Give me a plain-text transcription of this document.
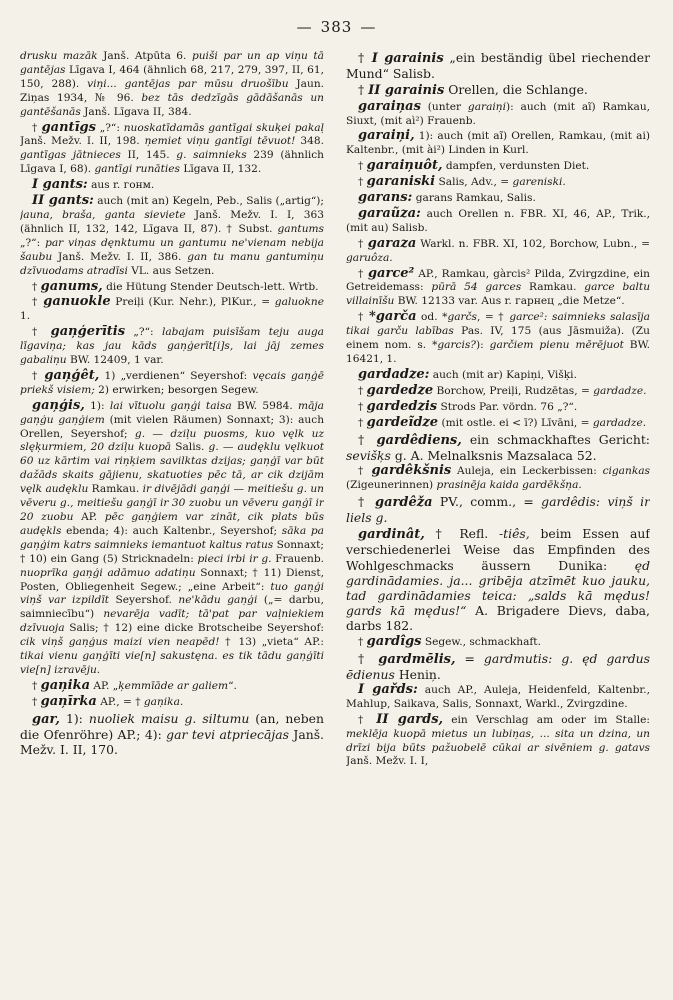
— 383 —

drusku mazāk Janš. Atpūta 6. puiši par un ap viņu tā gantējas Līgava I, 464 (ähnlich 68, 217, 279, 397, II, 61, 150, 288). viņi... gantējas par mūsu druošību Jaun. Ziņas 1934, № 96. bez tās dedzīgās gādāšanās un gantēšanās Janš. Līgava II, 384.

† gantīgs „?“: nuoskatīdamās gantīgai skuķei pakaļ Janš. Mežv. I. II, 198. ņemiet viņu gantīgi tēvuot! 348. gantīgas jātnieces II, 145. g. saimnieks 239 (ähnlich Līgava I, 68). gantīgi runāties Līgava II, 132.

I gants: aus r. гонм.

II gants: auch (mit an) Kegeln, Peb., Salis („artig“); jauna, braša, ganta sieviete Janš. Mežv. I. I, 363 (ähnlich II, 132, 142, Līgava II, 87). † Subst. gantums „?“: par viņas dęnktumu un gantumu ne'vienam nebija šaubu Janš. Mežv. I. II, 386. gan tu manu gantumiņu dzīvuodams atradīsi VL. aus Setzen.

† ganums, die Hütung Stender Deutsch-lett. Wrtb.

† ganuokle Preiļi (Kur. Nehr.), PlKur., = galuokne 1.

† gaņģerītis „?“: labajam puisīšam teju auga līgaviņa; kas jau kāds gaņģerīt[i]s, lai jāj zemes gabaliņu BW. 12409, 1 var.

† gaņģêt, 1) „verdienen“ Seyershof: vęcais gaņģē priekš visiem; 2) erwirken; besorgen Segew.

gaņģis, 1): lai vītuolu gaņģi taisa BW. 5984. māja gaņģu gaņģiem (mit vielen Räumen) Sonnaxt; 3): auch Orellen, Seyershof; g. — dziļu puosms, kuo vęlk uz slęķurmiem, 20 dziļu kuopā Salis. g. — audęklu vęlkuot 60 uz kārtim vai riņķiem savilktas dzijas; gaņģī var būt dažāds skaits gājienu, skatuoties pēc tā, ar cik dzijām vęlk audęklu Ramkau. ir divējādi gaņģi — meitiešu g. un vēveru g., meitiešu gaņģī ir 30 zuobu un vēveru gaņģī ir 20 zuobu AP. pēc gaņģiem var zināt, cik plats būs audękls ebenda; 4): auch Kaltenbr., Seyershof; sāka pa gaņģim katrs saimnieks iemantuot kaltus ratus Sonnaxt; † 10) ein Gang (5) Stricknadeln: pieci irbi ir g. Frauenb. nuoprīka gaņģi adāmuo adatiņu Sonnaxt; † 11) Dienst, Posten, Obliegenheit Segew.; „eine Arbeit“: tuo gaņģi viņš var izpildīt Seyershof. ne'kādu gaņģi („= darbu, saimniecību“) nevarēja vadīt; tā'pat par vaļniekiem dzīvuoja Salis; † 12) eine dicke Brotscheibe Seyershof: cik viņš gaņģus maizi vien neapēd! † 13) „vieta“ AP.: tikai vienu gaņģīti vie[n] sakustęna. es tik tādu gaņģīti vie[n] izravēju.

† gaņika AP. „ķemmīāde ar galiem“.

† gaņīrka AP., = † gaņika.

gar, 1): nuoliek maisu g. siltumu (an, neben die Ofenröhre) AP.; 4): gar tevi atpriecājas Janš. Mežv. I. II, 170.

† I garainis „ein beständig übel riechender Mund“ Salisb.

† II garainis Orellen, die Schlange.

garaiņas (unter garaiņi): auch (mit aĩ) Ramkau, Siuxt, (mit aì²) Frauenb.

garaiņi, 1): auch (mit aĩ) Orellen, Ramkau, (mit ai) Kaltenbr., (mit ài²) Linden in Kurl.

† garaiņuôt, dampfen, verdunsten Diet.

† garaniski Salis, Adv., = gareniski.

garans: garans Ramkau, Salis.

garaũza: auch Orellen n. FBR. XI, 46, AP., Trik., (mit au) Salisb.

† garaza Warkl. n. FBR. XI, 102, Borchow, Lubn., = garuôza.

† garce² AP., Ramkau, gàrcis² Pilda, Zvirgzdine, ein Getreidemass: pūrā 54 garces Ramkau. garce baltu villainīšu BW. 12133 var. Aus r. гарнец „die Metze“.

† *garča od. *garčs, = † garce²: saimnieks salasīja tikai garču labības Pas. IV, 175 (aus Jāsmuiža). (Zu einem nom. s. *garcis?): garčiem pienu mērējuot BW. 16421, 1.

gardadze: auch (mit ar) Kapiņi, Višķi.

† gardedze Borchow, Preiļi, Rudzētas, = gardadze.

† gardedzis Strods Par. vördn. 76 „?“.

† gardeĩdze (mit ostle. ei < ī?) Līvāni, = gardadze.

† gardêdiens, ein schmackhaftes Gericht: sevišķs g. A. Melnalksnis Mazsalaca 52.

† gardêkšnis Auleja, ein Leckerbissen: cigankas (Zigeunerinnen) prasinēja kaida gardēkšņa.

† gardêža PV., comm., = gardêdis: viņš ir liels g.

gardinât, † Refl. -tiês, beim Essen auf verschiedenerlei Weise das Empfinden des Wohlgeschmacks äussern Dunika: ęd gardinādamies. ja... gribēja atzīmēt kuo jauku, tad gardinādamies teica: „salds kā mędus! gards kā mędus!“ A. Brigadere Dievs, daba, darbs 182.

† gardîgs Segew., schmackhaft.

† gardmēlis, = gardmutis: g. ęd gardus ēdienus Heniņ.

I gařds: auch AP., Auleja, Heidenfeld, Kaltenbr., Mahlup, Saikava, Salis, Sonnaxt, Warkl., Zvirgzdine.

† II gards, ein Verschlag am oder im Stalle: meklēja kuopā mietus un lubiņas, ... sita un dzina, un drīzi bija būts pažuobelē cūkai ar sivēniem g. gatavs Janš. Mežv. I. I,
